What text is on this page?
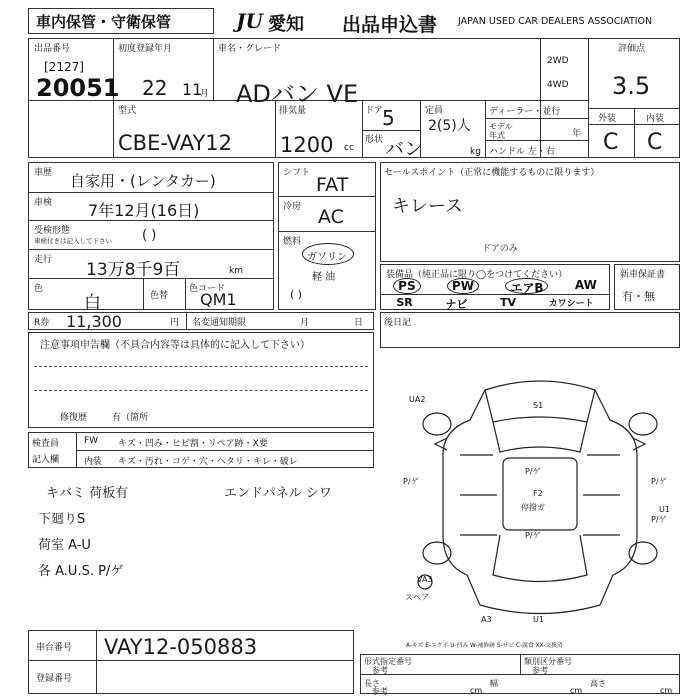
車内保管・守衛保管	JU 愛知 出品申込書 JAPAN USED CAR DEALERS ASSOCIATION
出品番号
[2127]
20051
初度登録年月
22 11
月
車名・グレード
ADバン VE
2WD
4WD
評価点
3.5
外装	内装
C C
型式
CBE-VAY12
排気量
1200 cc
ドア 5
形状 バン
定員
2(5)人
kg
ディーラー・並行
モデル
年式	年
ハンドル 左・右
車歴 自家用・(レンタカー)
車検 7年12月(16日)
受検形態
車検付きは記入して下さい ( )
走行 13万8千9百	km
色
白	色替
色コード
QM1
シフト
FAT
冷房 AC
燃料
ガソリン
軽 油
( )
セールスポイント（正常に機能するものに限ります）
キレース
装備品（純正品に限り◯をつけてください）
ドアのみ
PS	PW	エアB	AW
SR	ナビ	TV	カワシート
新車保証書
有・無
R券 11,300	円 名変通知期限	月	日 後日記
注意事項申告欄（不具合内容等は具体的に記入して下さい）
有（箇所
修復歴
検査員
記入欄
FW キズ・凹み・ヒビ割・リペア跡・X要
内装 キズ・汚れ・コゲ・穴・ヘタリ・キレ・破レ
キバミ 荷板有	エンドパネル シワ
下廻りS
荷室 A-U
各 A.U.S. P/ゲ
UA2
S1
P/ゲ
P/ゲ
P/ゲ
P/ゲ
P/ゲ
U1
VA3
A3	U1
スペア
F2
停撥ガ
A-キズ E-エクボ U-凹み W-補修跡 S-サビ C-腐食 XX-交換済
車台番号 VAY12-050883
登録番号
形式指定番号
参考
類別区分番号
参考
長さ
参考	cm
幅
cm
高さ
cm
